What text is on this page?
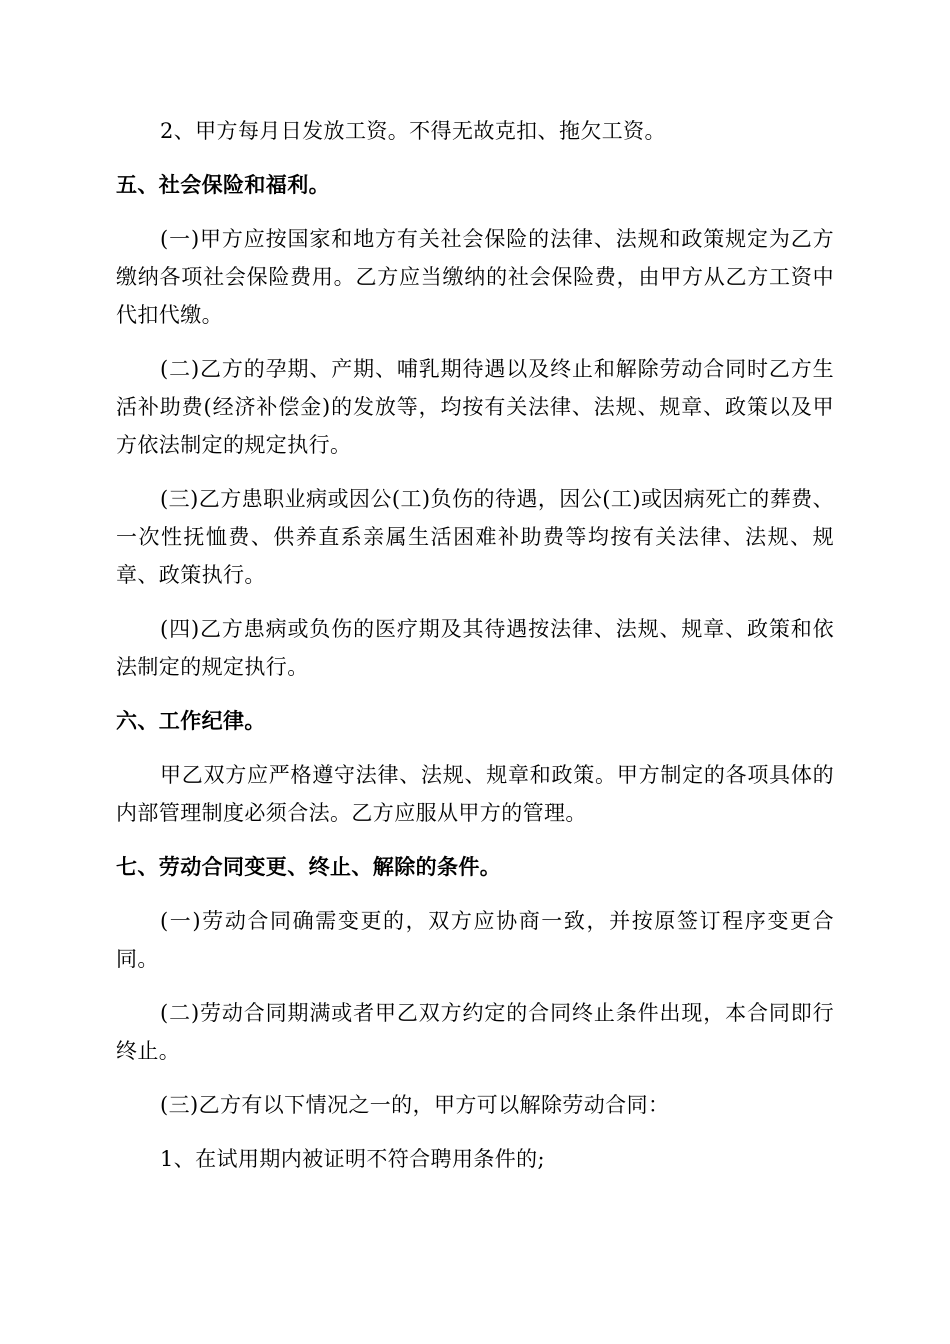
2、甲方每月日发放工资。不得无故克扣、拖欠工资。

五、社会保险和福利。

(一)甲方应按国家和地方有关社会保险的法律、法规和政策规定为乙方缴纳各项社会保险费用。乙方应当缴纳的社会保险费，由甲方从乙方工资中代扣代缴。

(二)乙方的孕期、产期、哺乳期待遇以及终止和解除劳动合同时乙方生活补助费(经济补偿金)的发放等，均按有关法律、法规、规章、政策以及甲方依法制定的规定执行。

(三)乙方患职业病或因公(工)负伤的待遇，因公(工)或因病死亡的葬费、一次性抚恤费、供养直系亲属生活困难补助费等均按有关法律、法规、规章、政策执行。

(四)乙方患病或负伤的医疗期及其待遇按法律、法规、规章、政策和依法制定的规定执行。

六、工作纪律。

甲乙双方应严格遵守法律、法规、规章和政策。甲方制定的各项具体的内部管理制度必须合法。乙方应服从甲方的管理。

七、劳动合同变更、终止、解除的条件。

(一)劳动合同确需变更的，双方应协商一致，并按原签订程序变更合同。

(二)劳动合同期满或者甲乙双方约定的合同终止条件出现，本合同即行终止。

(三)乙方有以下情况之一的，甲方可以解除劳动合同：

1、在试用期内被证明不符合聘用条件的;
